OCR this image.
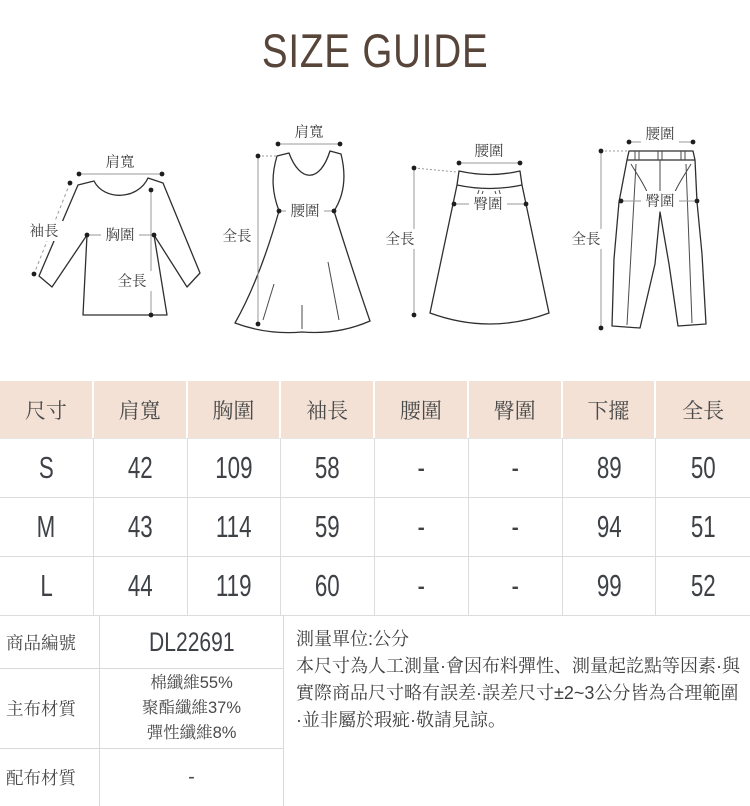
SIZE GUIDE
肩寬
袖長	胸圍
全長
肩寬
腰圍
全長
腰圍
臀圍
全長
腰圍
臀圍
全長
尺寸	肩寬	胸圍	袖長	腰圍	臀圍	下擺	全長
S 42 109 58	-	-	89 50
M 43 114 59	-	-	94 51
L 44 119 60	-	-	99 52
商品編號	DL22691
主布材質
棉纖維55%
聚酯纖維37%
彈性纖維8%
配布材質	-
測量單位:公分
本尺寸為人工測量·會因布料彈性、測量起訖點等因素·與實際商品尺寸略有誤差·誤差尺寸±2~3公分皆為合理範圍·並非屬於瑕疵·敬請見諒。
